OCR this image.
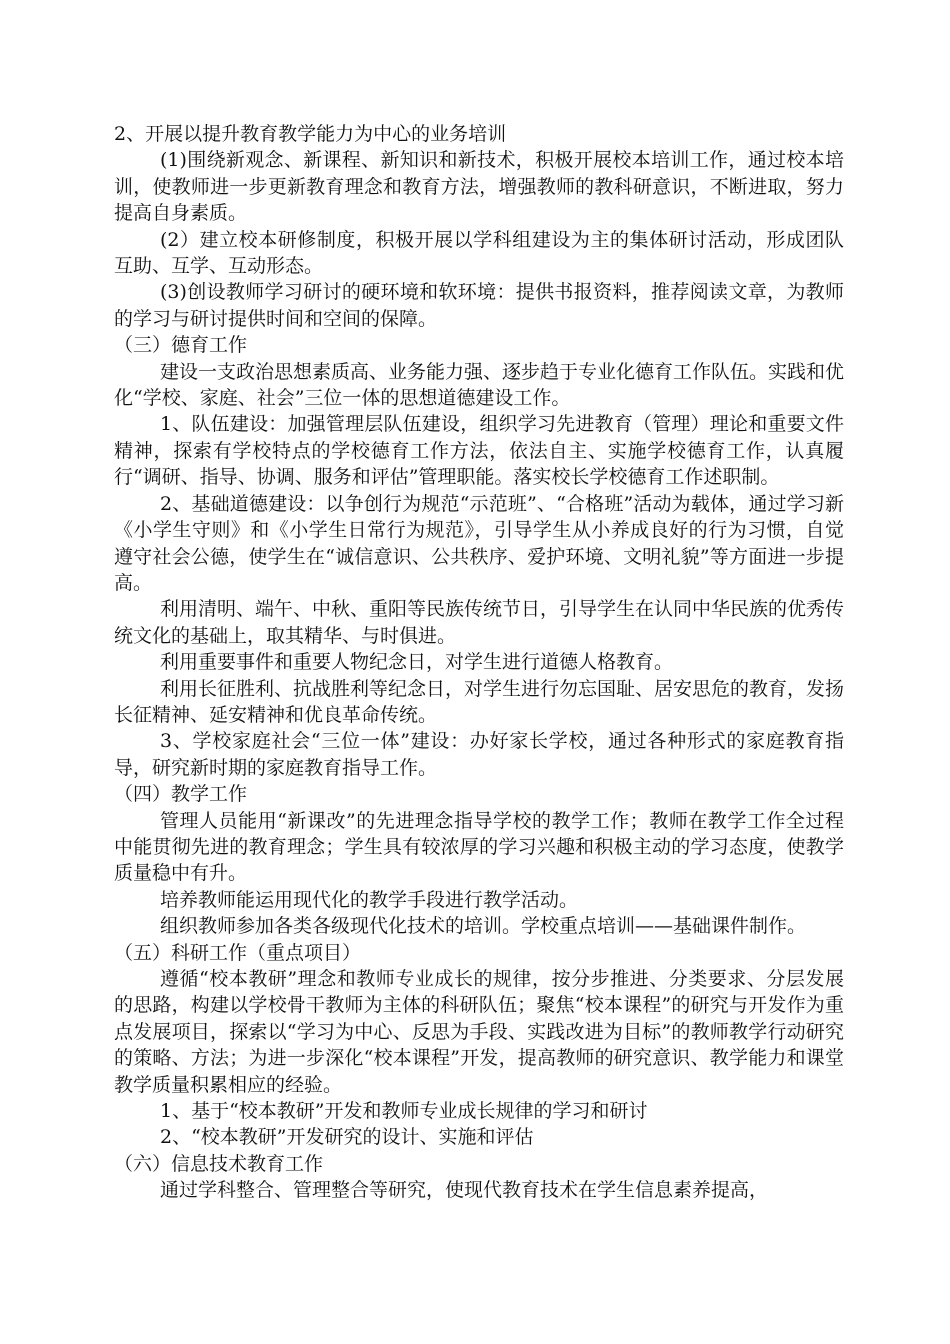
2、开展以提升教育教学能力为中心的业务培训

(1)围绕新观念、新课程、新知识和新技术，积极开展校本培训工作，通过校本培训，使教师进一步更新教育理念和教育方法，增强教师的教科研意识，不断进取，努力提高自身素质。

(2）建立校本研修制度，积极开展以学科组建设为主的集体研讨活动，形成团队互助、互学、互动形态。

(3)创设教师学习研讨的硬环境和软环境：提供书报资料，推荐阅读文章，为教师的学习与研讨提供时间和空间的保障。

（三）德育工作

建设一支政治思想素质高、业务能力强、逐步趋于专业化德育工作队伍。实践和优化“学校、家庭、社会”三位一体的思想道德建设工作。

1、队伍建设：加强管理层队伍建设，组织学习先进教育（管理）理论和重要文件精神，探索有学校特点的学校德育工作方法，依法自主、实施学校德育工作，认真履行“调研、指导、协调、服务和评估”管理职能。落实校长学校德育工作述职制。

2、基础道德建设：以争创行为规范“示范班”、“合格班”活动为载体，通过学习新《小学生守则》和《小学生日常行为规范》，引导学生从小养成良好的行为习惯，自觉遵守社会公德，使学生在“诚信意识、公共秩序、爱护环境、文明礼貌”等方面进一步提高。

利用清明、端午、中秋、重阳等民族传统节日，引导学生在认同中华民族的优秀传统文化的基础上，取其精华、与时俱进。

利用重要事件和重要人物纪念日，对学生进行道德人格教育。

利用长征胜利、抗战胜利等纪念日，对学生进行勿忘国耻、居安思危的教育，发扬长征精神、延安精神和优良革命传统。

3、学校家庭社会“三位一体”建设：办好家长学校，通过各种形式的家庭教育指导，研究新时期的家庭教育指导工作。

（四）教学工作

管理人员能用“新课改”的先进理念指导学校的教学工作；教师在教学工作全过程中能贯彻先进的教育理念；学生具有较浓厚的学习兴趣和积极主动的学习态度，使教学质量稳中有升。

培养教师能运用现代化的教学手段进行教学活动。

组织教师参加各类各级现代化技术的培训。学校重点培训——基础课件制作。

（五）科研工作（重点项目）

遵循“校本教研”理念和教师专业成长的规律，按分步推进、分类要求、分层发展的思路，构建以学校骨干教师为主体的科研队伍；聚焦“校本课程”的研究与开发作为重点发展项目，探索以“学习为中心、反思为手段、实践改进为目标”的教师教学行动研究的策略、方法；为进一步深化“校本课程”开发，提高教师的研究意识、教学能力和课堂教学质量积累相应的经验。

1、基于“校本教研”开发和教师专业成长规律的学习和研讨

2、“校本教研”开发研究的设计、实施和评估

（六）信息技术教育工作

通过学科整合、管理整合等研究，使现代教育技术在学生信息素养提高，
